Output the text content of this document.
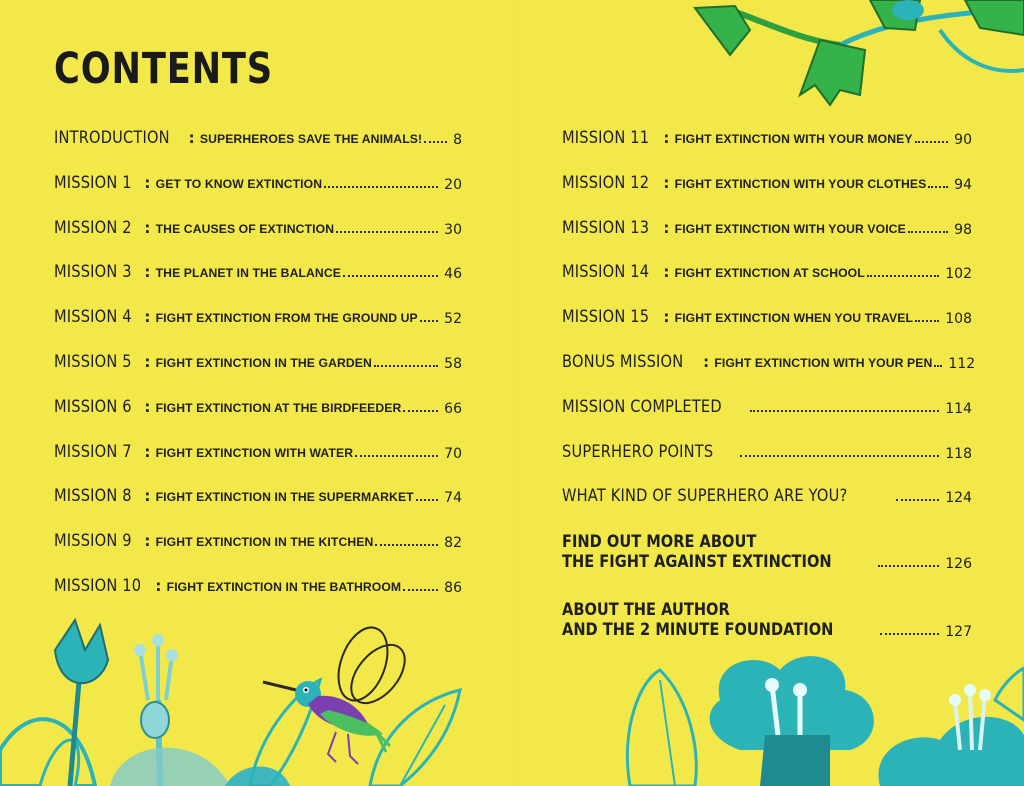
CONTENTS
INTRODUCTION : SUPERHEROES SAVE THE ANIMALS! 8
MISSION 1 : GET TO KNOW EXTINCTION	20
MISSION 2 : THE CAUSES OF EXTINCTION	30
MISSION 3 : THE PLANET IN THE BALANCE	46
MISSION 4 : FIGHT EXTINCTION FROM THE GROUND UP 52
MISSION 5 : FIGHT EXTINCTION IN THE GARDEN	58
MISSION 6 : FIGHT EXTINCTION AT THE BIRDFEEDER	66
MISSION 7 : FIGHT EXTINCTION WITH WATER	70
MISSION 8 : FIGHT EXTINCTION IN THE SUPERMARKET 74
MISSION 9 : FIGHT EXTINCTION IN THE KITCHEN	82
MISSION 10 : FIGHT EXTINCTION IN THE BATHROOM	86
MISSION 11 : FIGHT EXTINCTION WITH YOUR MONEY	90
MISSION 12 : FIGHT EXTINCTION WITH YOUR CLOTHES 94
MISSION 13 : FIGHT EXTINCTION WITH YOUR VOICE	98
MISSION 14 : FIGHT EXTINCTION AT SCHOOL	102
MISSION 15 : FIGHT EXTINCTION WHEN YOU TRAVEL 108
BONUS MISSION : FIGHT EXTINCTION WITH YOUR PEN 112
MISSION COMPLETED	114
SUPERHERO POINTS	118
WHAT KIND OF SUPERHERO ARE YOU?	124
FIND OUT MORE ABOUT
THE FIGHT AGAINST EXTINCTION	126
ABOUT THE AUTHOR
AND THE 2 MINUTE FOUNDATION	127
